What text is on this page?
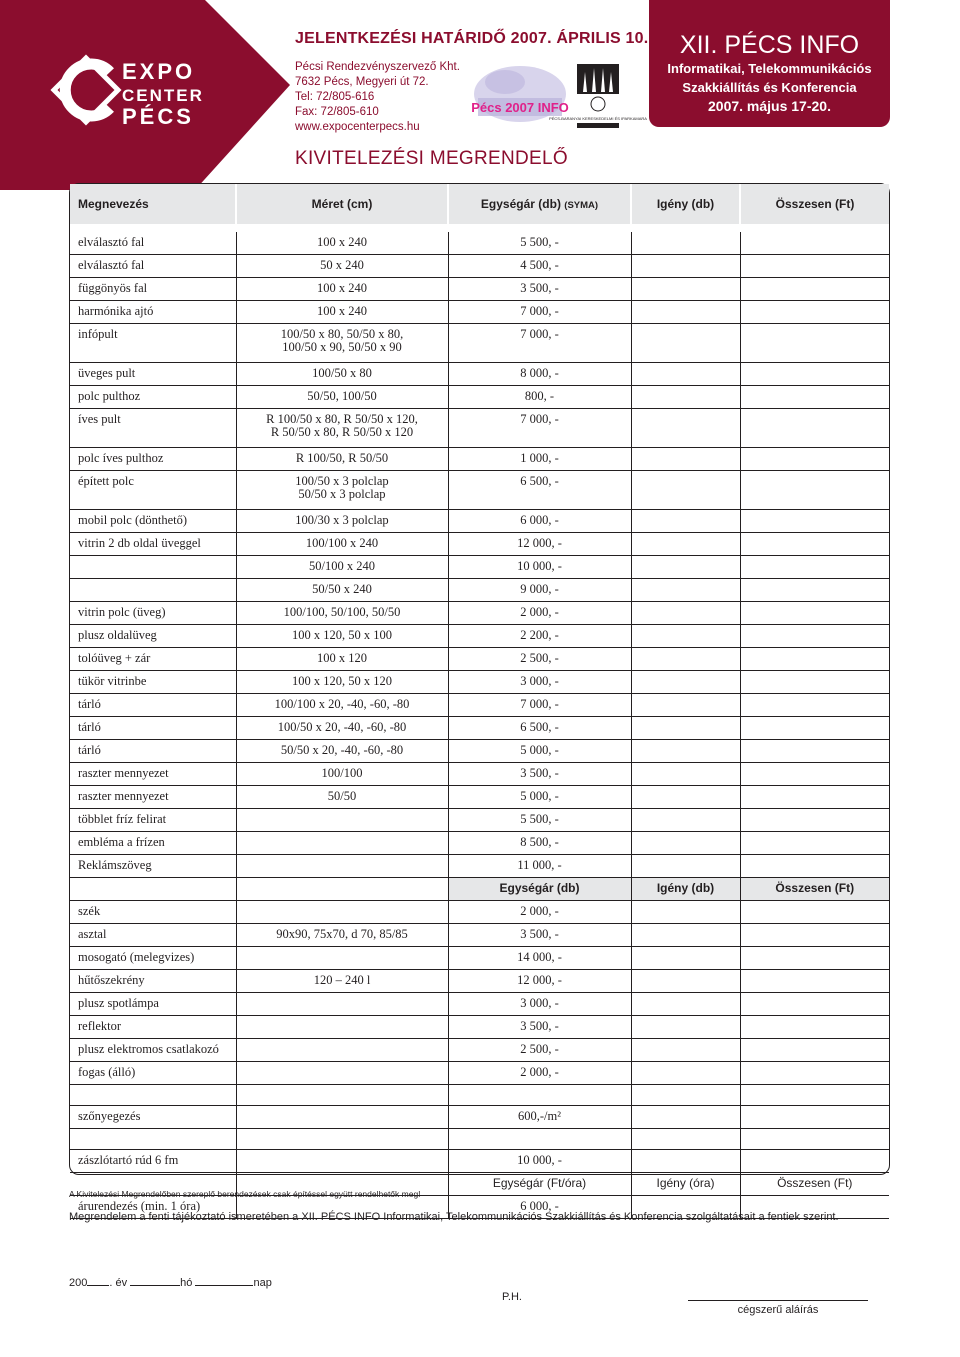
EXPO
CENTER
PÉCS
JELENTKEZÉSI HATÁRIDŐ 2007. ÁPRILIS 10.
Pécsi Rendezvényszervező Kht.
7632 Pécs, Megyeri út 72.
Tel: 72/805-616
Fax: 72/805-610
www.expocenterpecs.hu
Pécs 2007 INFO
PÉCS-BARANYAI KERESKEDELMI ÉS IPARKAMARA
XII. PÉCS INFO
Informatikai, Telekommunikációs
Szakkiállítás és Konferencia
2007. május 17-20.
KIVITELEZÉSI MEGRENDELŐ
Megnevezés	Méret (cm)	Egységár (db) (SYMA)	Igény (db)	Összesen (Ft)

elválasztó fal	100 x 240	5 500, -		
elválasztó fal	50 x 240	4 500, -		
függönyös fal	100 x 240	3 500, -		
harmónika ajtó	100 x 240	7 000, -		
infópult	100/50 x 80, 50/50 x 80,
100/50 x 90, 50/50 x 90	7 000, -		
üveges pult	100/50 x 80	8 000, -		
polc pulthoz	50/50, 100/50	800, -		
íves pult	R 100/50 x 80, R 50/50 x 120,
R 50/50 x 80, R 50/50 x 120	7 000, -		
polc íves pulthoz	R 100/50, R 50/50	1 000, -		
épített polc	100/50 x 3 polclap
50/50 x 3 polclap	6 500, -		
mobil polc (dönthető)	100/30 x 3 polclap	6 000, -		
vitrin 2 db oldal üveggel	100/100 x 240	12 000, -		

	50/100 x 240	10 000, -		

	50/50 x 240	9 000, -		
vitrin polc (üveg)	100/100, 50/100, 50/50	2 000, -		
plusz oldalüveg	100 x 120, 50 x 100	2 200, -		
tolóüveg + zár	100 x 120	2 500, -		
tükör vitrinbe	100 x 120, 50 x 120	3 000, -		
tárló	100/100 x 20, -40, -60, -80	7 000, -		
tárló	100/50 x 20, -40, -60, -80	6 500, -		
tárló	50/50 x 20, -40, -60, -80	5 000, -		
raszter mennyezet	100/100	3 500, -		
raszter mennyezet	50/50	5 000, -		
többlet fríz felirat		5 500, -		
embléma a frízen		8 500, -		
Reklámszöveg		11 000, -		
		Egységár (db)	Igény (db)	Összesen (Ft)
szék		2 000, -		
asztal	90x90, 75x70, d 70, 85/85	3 500, -		
mosogató (melegvizes)		14 000, -		
hűtőszekrény	120 – 240 l	12 000, -		
plusz spotlámpa		3 000, -		
reflektor		3 500, -		
plusz elektromos csatlakozó		2 500, -		
fogas (álló)		2 000, -		

szőnyegezés		600,-/m²		

zászlótartó rúd 6 fm		10 000, -		
		Egységár (Ft/óra)	Igény (óra)	Összesen (Ft)
árurendezés (min. 1 óra)		6 000, -		
A Kivitelezési Megrendelőben szereplő berendezések csak építéssel együtt rendelhetők meg!
Megrendelem a fenti tájékoztató ismeretében a XII. PÉCS INFO Informatikai, Telekommunikációs Szakkiállítás és Konferencia szolgáltatásait a fentiek szerint.
200 . év	hó	nap
P.H.
cégszerű aláírás
